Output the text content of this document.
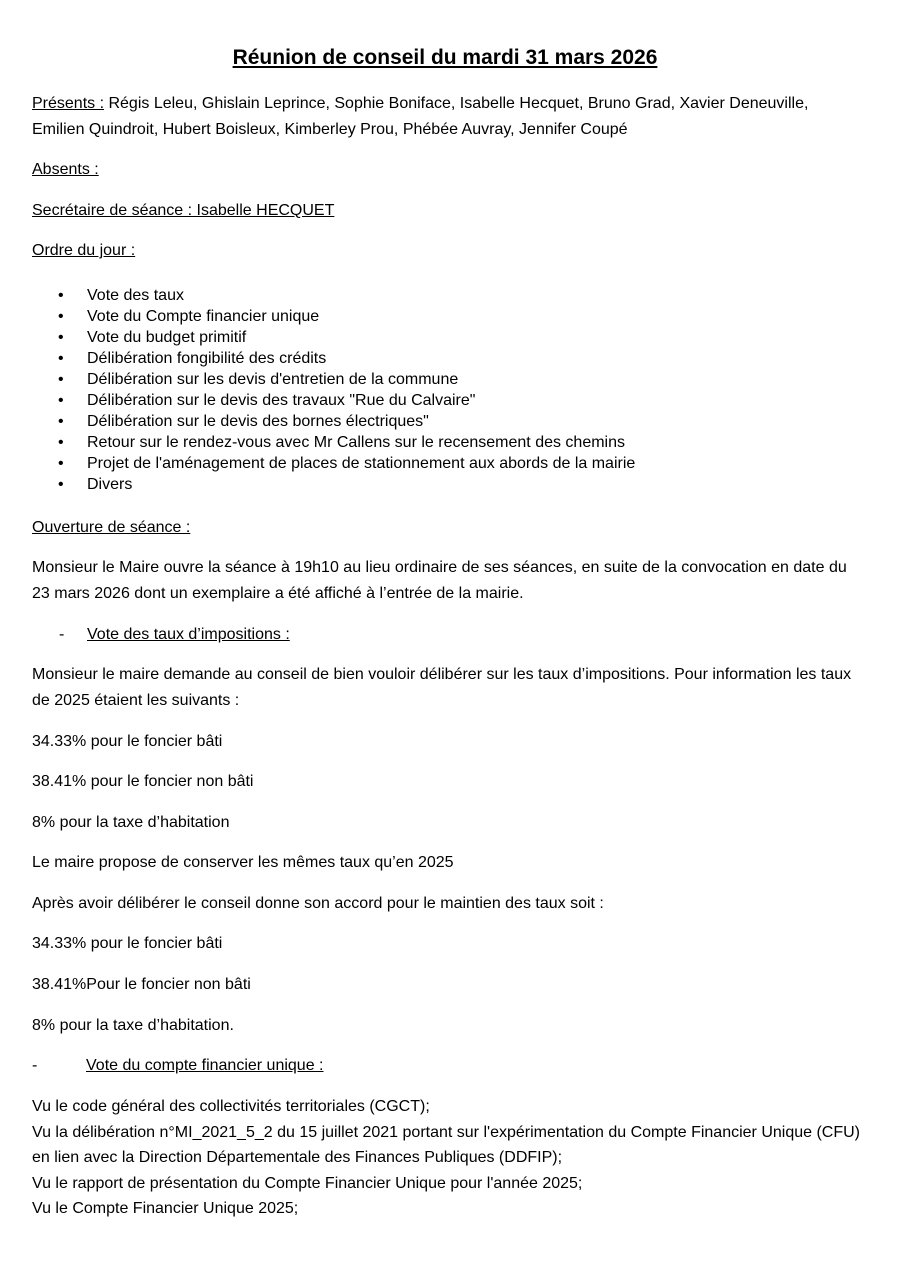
Réunion de conseil du mardi 31 mars 2026

Présents : Régis Leleu, Ghislain Leprince, Sophie Boniface, Isabelle Hecquet, Bruno Grad, Xavier Deneuville, Emilien Quindroit, Hubert Boisleux, Kimberley Prou, Phébée Auvray, Jennifer Coupé

Absents :

Secrétaire de séance : Isabelle HECQUET

Ordre du jour :

• Vote des taux
• Vote du Compte financier unique
• Vote du budget primitif
• Délibération fongibilité des crédits
• Délibération sur les devis d'entretien de la commune
• Délibération sur le devis des travaux "Rue du Calvaire"
• Délibération sur le devis des bornes électriques"
• Retour sur le rendez-vous avec Mr Callens sur le recensement des chemins
• Projet de l'aménagement de places de stationnement aux abords de la mairie
• Divers

Ouverture de séance :

Monsieur le Maire ouvre la séance à 19h10 au lieu ordinaire de ses séances, en suite de la convocation en date du 23 mars 2026 dont un exemplaire a été affiché à l’entrée de la mairie.

- Vote des taux d’impositions :

Monsieur le maire demande au conseil de bien vouloir délibérer sur les taux d’impositions. Pour information les taux de 2025 étaient les suivants :

34.33% pour le foncier bâti

38.41% pour le foncier non bâti

8% pour la taxe d’habitation

Le maire propose de conserver les mêmes taux qu’en 2025

Après avoir délibérer le conseil donne son accord pour le maintien des taux soit :

34.33% pour le foncier bâti

38.41%Pour le foncier non bâti

8% pour la taxe d’habitation.

-	Vote du compte financier unique :
Vu le code général des collectivités territoriales (CGCT);
Vu la délibération n°MI_2021_5_2 du 15 juillet 2021 portant sur l'expérimentation du Compte Financier Unique (CFU) en lien avec la Direction Départementale des Finances Publiques (DDFIP);
Vu le rapport de présentation du Compte Financier Unique pour l'année 2025;
Vu le Compte Financier Unique 2025;
